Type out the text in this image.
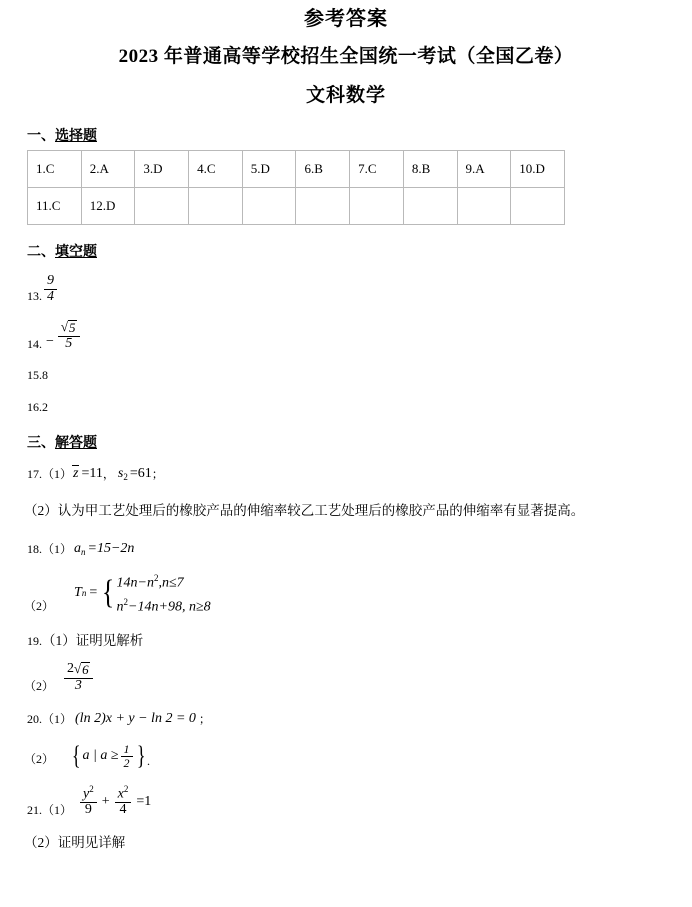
参考答案
2023 年普通高等学校招生全国统一考试（全国乙卷）
文科数学
一、选择题
1.C	2.A	3.D	4.C	5.D	6.B	7.C	8.B	9.A	10.D
11.C	12.D								
二、填空题
13. $\frac{9}{4}$
14. − $\frac{√ 5}{5}$
15.8
16.2
三、解答题
17. （1） z =11 ， s 2 =61 ；
（2） 认为甲工艺处理后的橡胶产品的伸缩率较乙工艺处理后的橡胶产品的伸缩率有显著提高。
18. （1） a n =15−2n
（2）
T n = { $14n-n^2,n\le 7$
$n^2-14n+98$, n≥8
19. （1） 证明见解析
$(2) \frac{2 √ 6}{3}$
20. （1） (ln 2)x + y − ln 2 = 0 ；
（2） { a | $a \ge \frac{1}{2}$ } .
21. $(1) \frac{y^2}{9} + \frac{x^2}{4} =1$
（2） 证明见详解
